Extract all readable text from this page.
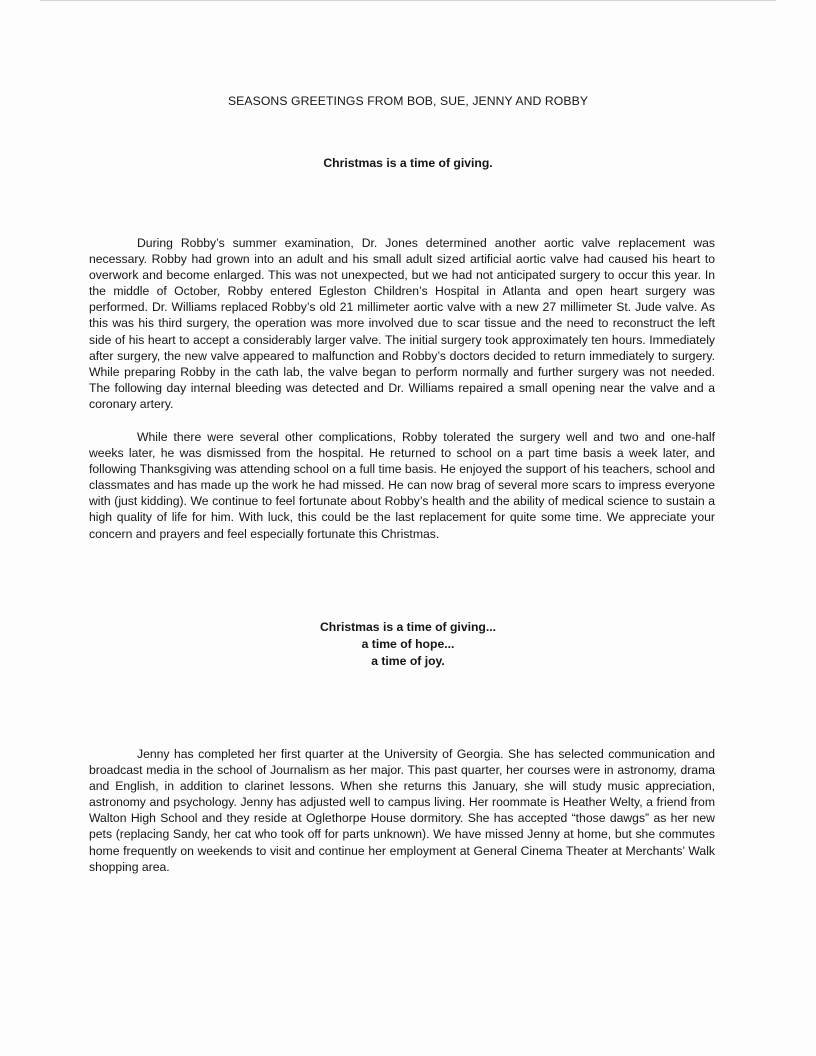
SEASONS GREETINGS FROM BOB, SUE, JENNY AND ROBBY
Christmas is a time of giving.

During Robby’s summer examination, Dr. Jones determined another aortic valve replacement was necessary. Robby had grown into an adult and his small adult sized artificial aortic valve had caused his heart to overwork and become enlarged. This was not unexpected, but we had not anticipated surgery to occur this year. In the middle of October, Robby entered Egleston Children’s Hospital in Atlanta and open heart surgery was performed. Dr. Williams replaced Robby’s old 21 millimeter aortic valve with a new 27 millimeter St. Jude valve. As this was his third surgery, the operation was more involved due to scar tissue and the need to reconstruct the left side of his heart to accept a considerably larger valve. The initial surgery took approximately ten hours. Immediately after surgery, the new valve appeared to malfunction and Robby’s doctors decided to return immediately to surgery. While preparing Robby in the cath lab, the valve began to perform normally and further surgery was not needed. The following day internal bleeding was detected and Dr. Williams repaired a small opening near the valve and a coronary artery.

While there were several other complications, Robby tolerated the surgery well and two and one-half weeks later, he was dismissed from the hospital. He returned to school on a part time basis a week later, and following Thanksgiving was attending school on a full time basis. He enjoyed the support of his teachers, school and classmates and has made up the work he had missed. He can now brag of several more scars to impress everyone with (just kidding). We continue to feel fortunate about Robby’s health and the ability of medical science to sustain a high quality of life for him. With luck, this could be the last replacement for quite some time. We appreciate your concern and prayers and feel especially fortunate this Christmas.

Christmas is a time of giving...
a time of hope...
a time of joy.

Jenny has completed her first quarter at the University of Georgia. She has selected communication and broadcast media in the school of Journalism as her major. This past quarter, her courses were in astronomy, drama and English, in addition to clarinet lessons. When she returns this January, she will study music appreciation, astronomy and psychology. Jenny has adjusted well to campus living. Her roommate is Heather Welty, a friend from Walton High School and they reside at Oglethorpe House dormitory. She has accepted “those dawgs” as her new pets (replacing Sandy, her cat who took off for parts unknown). We have missed Jenny at home, but she commutes home frequently on weekends to visit and continue her employment at General Cinema Theater at Merchants’ Walk shopping area.
